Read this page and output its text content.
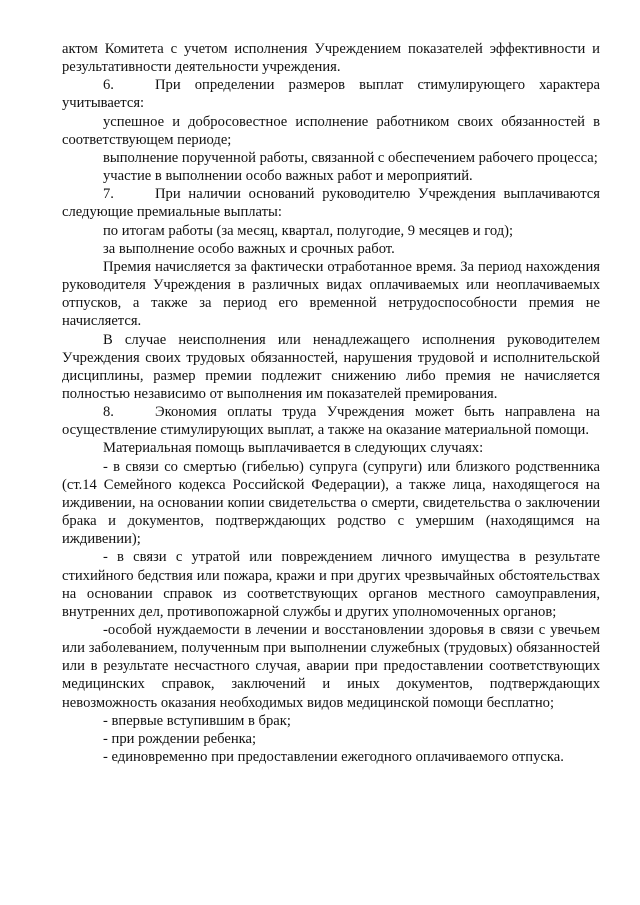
актом Комитета с учетом исполнения Учреждением показателей эффективности и результативности деятельности учреждения.

6.	При определении размеров выплат стимулирующего характера учитывается:

успешное и добросовестное исполнение работником своих обязанностей в соответствующем периоде;

выполнение порученной работы, связанной с обеспечением рабочего процесса;

участие в выполнении особо важных работ и мероприятий.

7.	При наличии оснований руководителю Учреждения выплачиваются следующие премиальные выплаты:

по итогам работы (за месяц, квартал, полугодие, 9 месяцев и год);

за выполнение особо важных и срочных работ.

Премия начисляется за фактически отработанное время. За период нахождения руководителя Учреждения в различных видах оплачиваемых или неоплачиваемых отпусков, а также за период его временной нетрудоспособности премия не начисляется.

В случае неисполнения или ненадлежащего исполнения руководителем Учреждения своих трудовых обязанностей, нарушения трудовой и исполнительской дисциплины, размер премии подлежит снижению либо премия не начисляется полностью независимо от выполнения им показателей премирования.

8.	Экономия оплаты труда Учреждения может быть направлена на осуществление стимулирующих выплат, а также на оказание материальной помощи.

Материальная помощь выплачивается в следующих случаях:

- в связи со смертью (гибелью) супруга (супруги) или близкого родственника (ст.14 Семейного кодекса Российской Федерации), а также лица, находящегося на иждивении, на основании копии свидетельства о смерти, свидетельства о заключении брака и документов, подтверждающих родство с умершим (находящимся на иждивении);

- в связи с утратой или повреждением личного имущества в результате стихийного бедствия или пожара, кражи и при других чрезвычайных обстоятельствах на основании справок из соответствующих органов местного самоуправления, внутренних дел, противопожарной службы и других уполномоченных органов;

-особой нуждаемости в лечении и восстановлении здоровья в связи с увечьем или заболеванием, полученным при выполнении служебных (трудовых) обязанностей или в результате несчастного случая, аварии при предоставлении соответствующих медицинских справок, заключений и иных документов, подтверждающих невозможность оказания необходимых видов медицинской помощи бесплатно;

- впервые вступившим в брак;

- при рождении ребенка;

- единовременно при предоставлении ежегодного оплачиваемого отпуска.
